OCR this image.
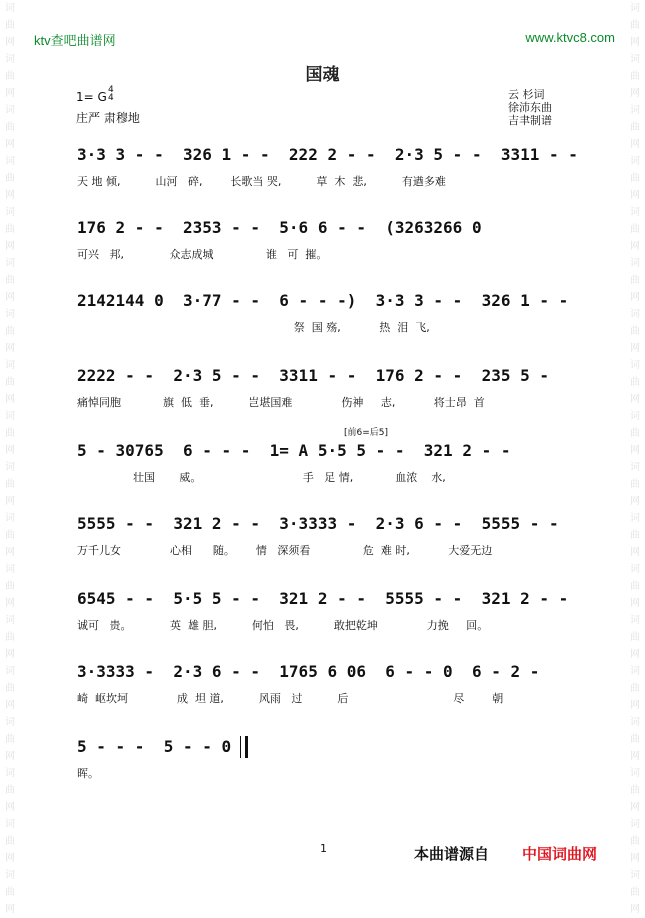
词曲网词曲网词曲网词曲网词曲网词曲网词曲网词曲网词曲网词曲网词曲网词曲网词曲网词曲网词曲网词曲网词曲网词曲网
词曲网词曲网词曲网词曲网词曲网词曲网词曲网词曲网词曲网词曲网词曲网词曲网词曲网词曲网词曲网词曲网词曲网词曲网
ktv查吧曲谱网	www.ktvc8.com
国魂
1= G 4
4
庄严 肃穆地
云 杉词
徐沛东曲
吉聿制谱
[前6=后5]
3·3 3 - -  326 1 - -  222 2 - -  2·3 5 - -  3311 - -
天 地 倾,          山河   碎,        长歌当 哭,          草  木  悲,          有遒多难
176 2 - -  2353 - -  5·6 6 - -  (3263266 0
可兴   邦,             众志成城               谁   可  摧。
2142144 0  3·77 - -  6 - - -)  3·3 3 - -  326 1 - -
祭  国 殇,           热  泪  飞,
2222 - -  2·3 5 - -  3311 - -  176 2 - -  235 5 -
痛悼同胞            旗  低  垂,          岂堪国难              伤神     志,           将士昂  首
5 - 30765  6 - - -  1= A 5·5 5 - -  321 2 - -
壮国       威。                             手   足 情,            血浓    水,
5555 - -  321 2 - -  3·3333 -  2·3 6 - -  5555 - -
万千儿女              心相      随。      情   深须看               危  难 时,           大爱无边
6545 - -  5·5 5 - -  321 2 - -  5555 - -  321 2 - -
诚可   贵。           英  雄 胆,          何怕   畏,          敢把乾坤              力挽     回。
3·3333 -  2·3 6 - -  1765 6 06  6 - - 0  6 - 2 -
崎  岖坎坷              成  坦 道,          风雨   过          后                              尽        朝
5 - - -  5 - - 0
晖。
1	本曲谱源自 中国词曲网
